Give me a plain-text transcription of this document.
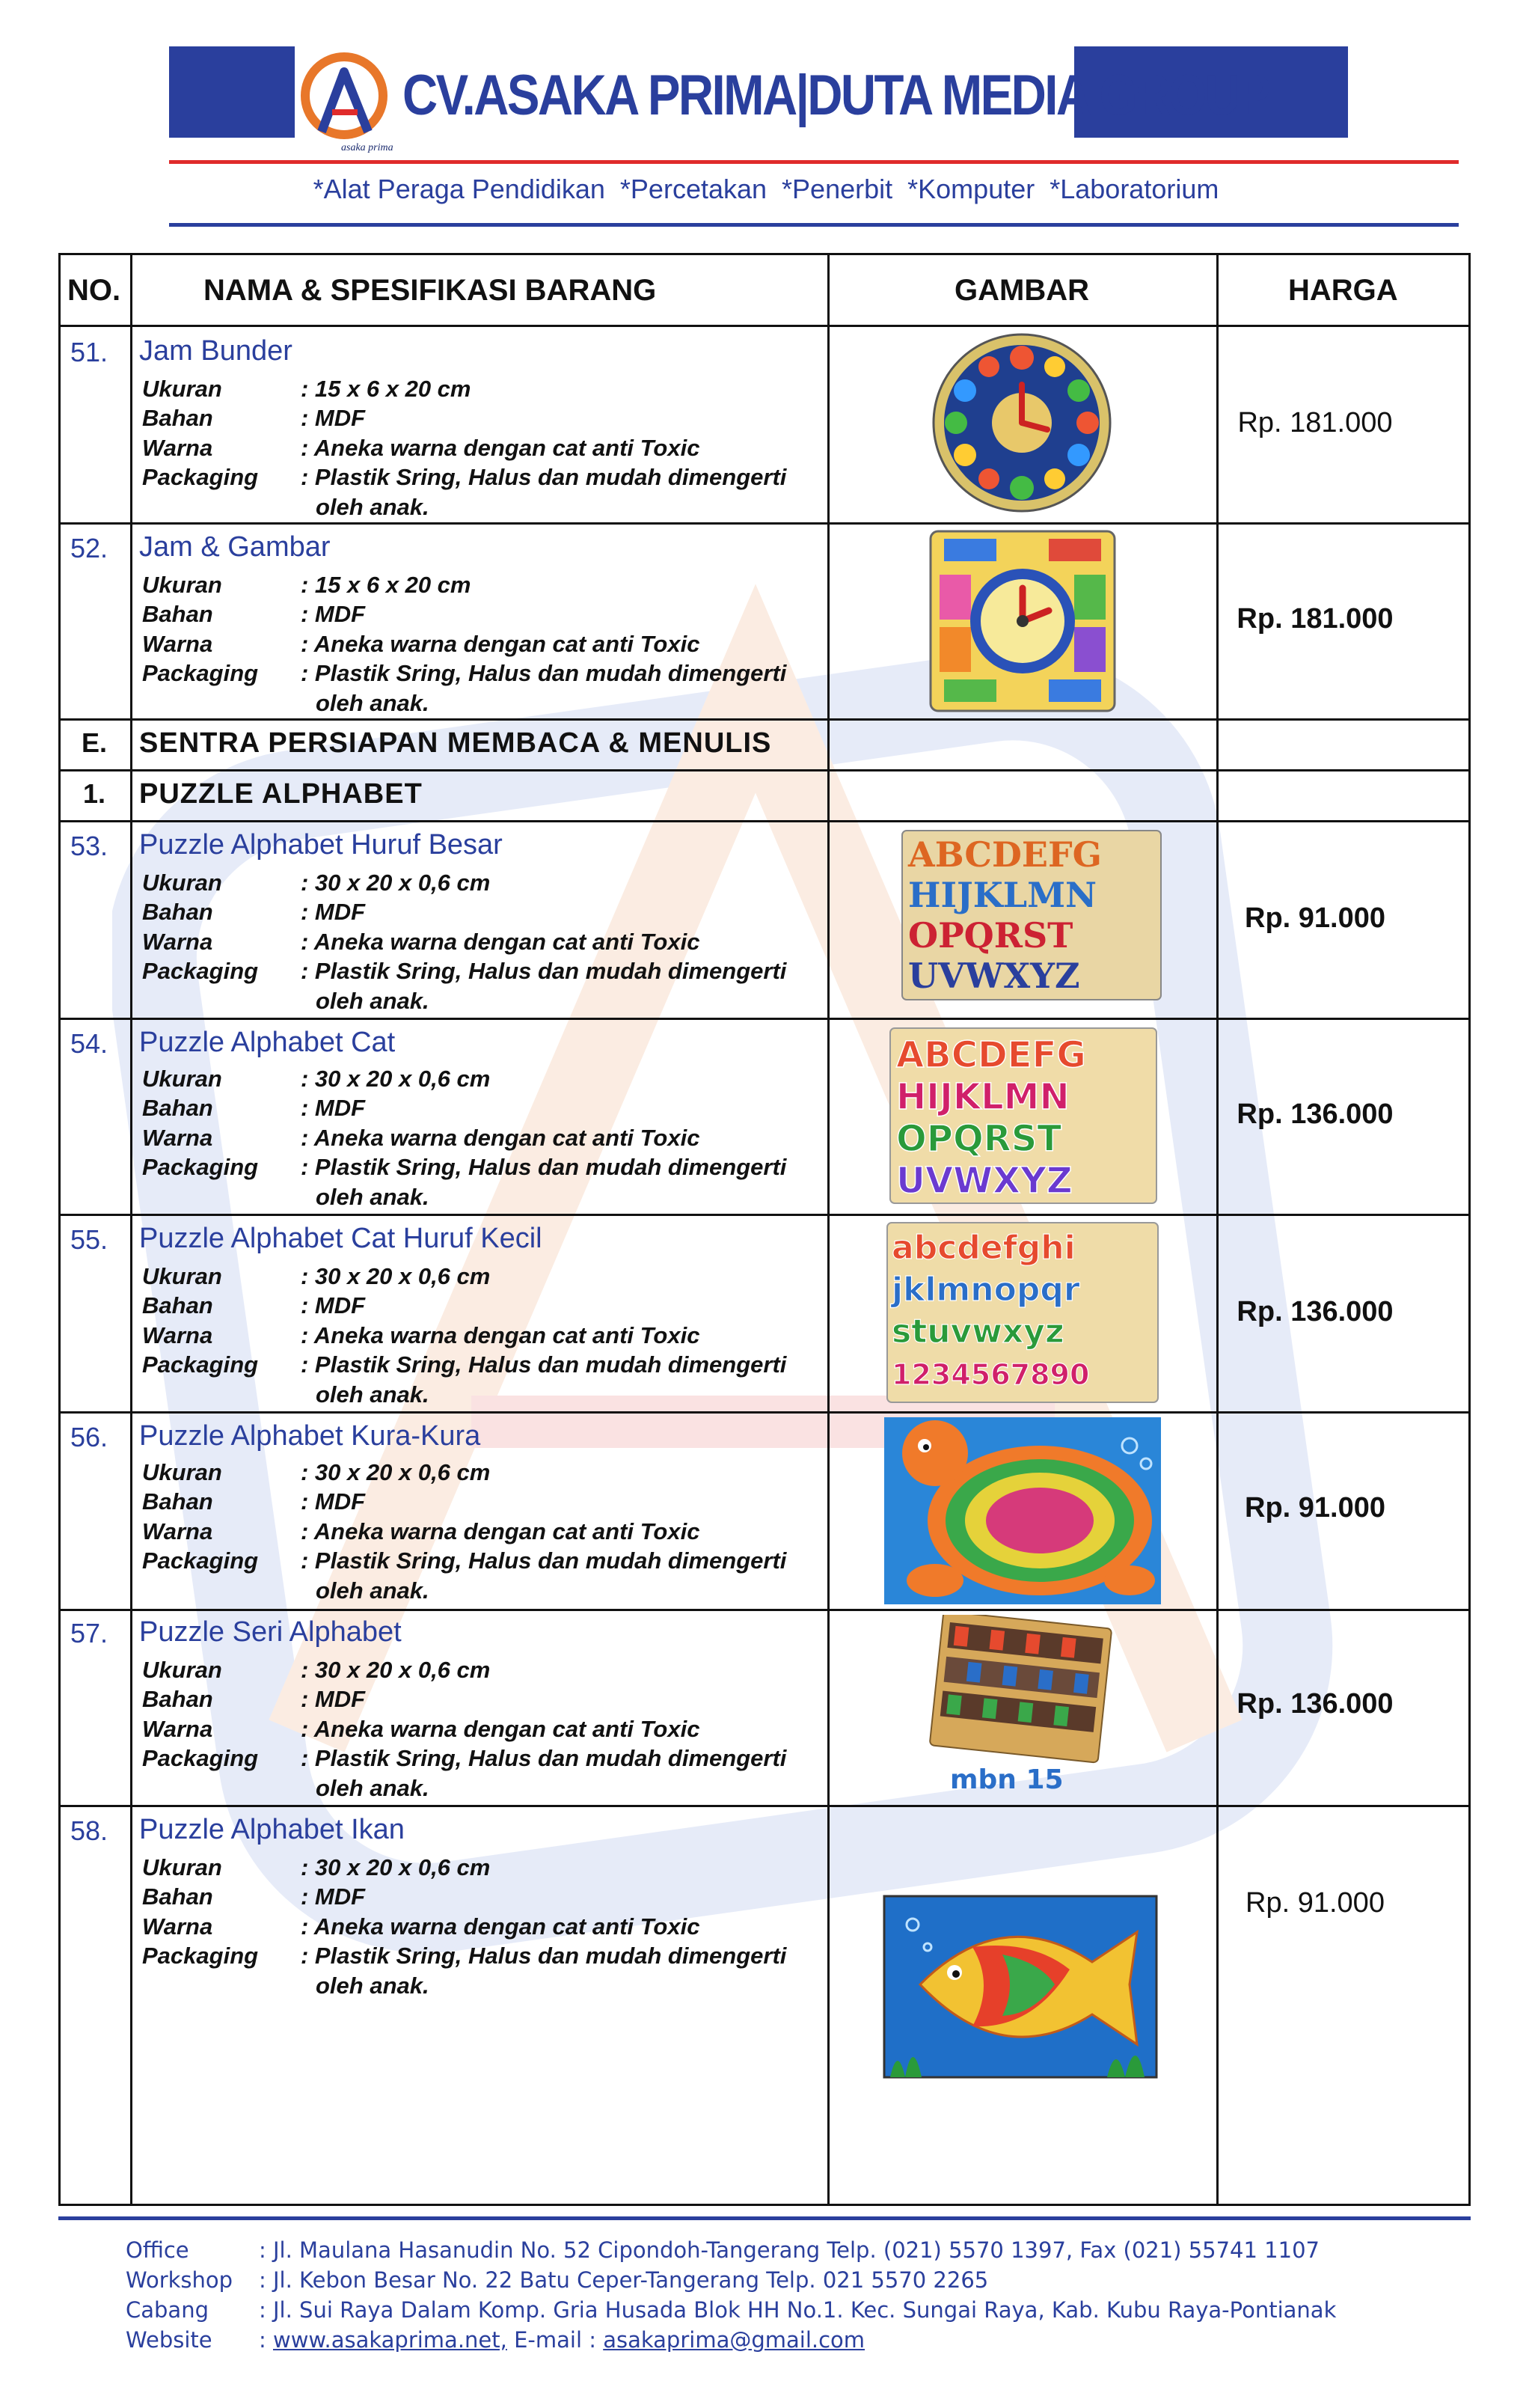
asaka prima
CV.ASAKA PRIMA|DUTA MEDIA GROUP
*Alat Peraga Pendidikan  *Percetakan  *Penerbit  *Komputer  *Laboratorium
NO.	NAMA & SPESIFIKASI BARANG	GAMBAR	HARGA
51. Jam Bunder
Ukuran	: 15 x 6 x 20 cm
Bahan	: MDF
Warna	: Aneka warna dengan cat anti Toxic
Packaging : Plastik Sring, Halus dan mudah dimengerti
oleh anak.
Rp. 181.000
52. Jam & Gambar
Ukuran	: 15 x 6 x 20 cm
Bahan	: MDF
Warna	: Aneka warna dengan cat anti Toxic
Packaging : Plastik Sring, Halus dan mudah dimengerti
oleh anak.
Rp. 181.000
E.	SENTRA PERSIAPAN MEMBACA & MENULIS
1.	PUZZLE ALPHABET
53. Puzzle Alphabet Huruf Besar
Ukuran	: 30 x 20 x 0,6 cm
Bahan	: MDF
Warna	: Aneka warna dengan cat anti Toxic
Packaging : Plastik Sring, Halus dan mudah dimengerti
oleh anak.
Rp. 91.000
ABCDEFG
HIJKLMN
OPQRST
UVWXYZ
54. Puzzle Alphabet Cat
Ukuran	: 30 x 20 x 0,6 cm
Bahan	: MDF
Warna	: Aneka warna dengan cat anti Toxic
Packaging : Plastik Sring, Halus dan mudah dimengerti
oleh anak.
Rp. 136.000
ABCDEFG
HIJKLMN
OPQRST
UVWXYZ
55. Puzzle Alphabet Cat Huruf Kecil
Ukuran	: 30 x 20 x 0,6 cm
Bahan	: MDF
Warna	: Aneka warna dengan cat anti Toxic
Packaging : Plastik Sring, Halus dan mudah dimengerti
oleh anak.
Rp. 136.000
abcdefghi
jklmnopqr
stuvwxyz
1234567890
56. Puzzle Alphabet Kura-Kura
Ukuran	: 30 x 20 x 0,6 cm
Bahan	: MDF
Warna	: Aneka warna dengan cat anti Toxic
Packaging : Plastik Sring, Halus dan mudah dimengerti
oleh anak.
Rp. 91.000
57. Puzzle Seri Alphabet
Ukuran	: 30 x 20 x 0,6 cm
Bahan	: MDF
Warna	: Aneka warna dengan cat anti Toxic
Packaging : Plastik Sring, Halus dan mudah dimengerti
oleh anak.
Rp. 136.000
mbn 15
58. Puzzle Alphabet Ikan
Ukuran	: 30 x 20 x 0,6 cm
Bahan	: MDF
Warna	: Aneka warna dengan cat anti Toxic
Packaging : Plastik Sring, Halus dan mudah dimengerti
oleh anak.
Rp. 91.000
Office	: Jl. Maulana Hasanudin No. 52 Cipondoh-Tangerang Telp. (021) 5570 1397, Fax (021) 55741 1107
Workshop : Jl. Kebon Besar No. 22 Batu Ceper-Tangerang Telp. 021 5570 2265
Cabang : Jl. Sui Raya Dalam Komp. Gria Husada Blok HH No.1. Kec. Sungai Raya, Kab. Kubu Raya-Pontianak
Website : www.asakaprima.net, E-mail : asakaprima@gmail.com
